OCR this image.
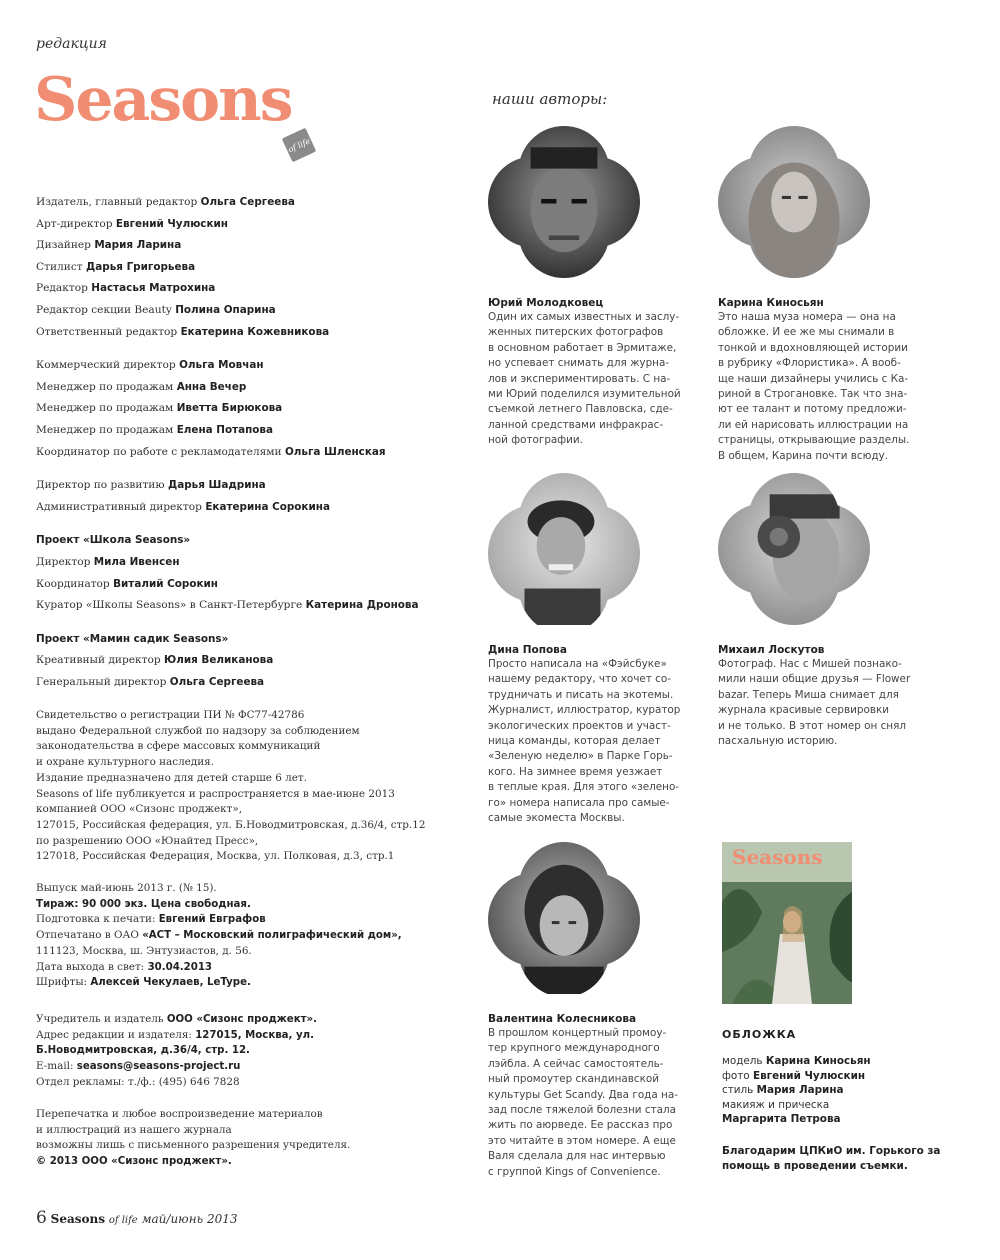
редакция
Seasons
of life
Издатель, главный редактор Ольга Сергеева
Арт-директор Евгений Чулюскин
Дизайнер Мария Ларина
Стилист Дарья Григорьева
Редактор Настасья Матрохина
Редактор секции Beauty Полина Опарина
Ответственный редактор Екатерина Кожевникова
Коммерческий директор Ольга Мовчан
Менеджер по продажам Анна Вечер
Менеджер по продажам Иветта Бирюкова
Менеджер по продажам Елена Потапова
Координатор по работе с рекламодателями Ольга Шленская
Директор по развитию Дарья Шадрина
Административный директор Екатерина Сорокина
Проект «Школа Seasons»
Директор Мила Ивенсен
Координатор Виталий Сорокин
Куратор «Школы Seasons» в Санкт-Петербурге Катерина Дронова
Проект «Мамин садик Seasons»
Креативный директор Юлия Великанова
Генеральный директор Ольга Сергеева
Свидетельство о регистрации ПИ № ФС77-42786
выдано Федеральной службой по надзору за соблюдением
законодательства в сфере массовых коммуникаций
и охране культурного наследия.
Издание предназначено для детей старше 6 лет.
Seasons of life публикуется и распространяется в мае-июне 2013
компанией ООО «Сизонс проджект»,
127015, Российская федерация, ул. Б.Новодмитровская, д.36/4, стр.12
по разрешению ООО «Юнайтед Пресс»,
127018, Российская Федерация, Москва, ул. Полковая, д.3, стр.1
Выпуск май-июнь 2013 г. (№ 15).
Тираж: 90 000 экз. Цена свободная.
Подготовка к печати: Евгений Евграфов
Отпечатано в ОАО «АСТ – Московский полиграфический дом»,
111123, Москва, ш. Энтузиастов, д. 56.
Дата выхода в свет: 30.04.2013
Шрифты: Алексей Чекулаев, LeType.
Учредитель и издатель ООО «Сизонс проджект».
Адрес редакции и издателя: 127015, Москва, ул.
Б.Новодмитровская, д.36/4, стр. 12.
E-mail: seasons@seasons-project.ru
Отдел рекламы: т./ф.: (495) 646 7828
Перепечатка и любое воспроизведение материалов
и иллюстраций из нашего журнала
возможны лишь с письменного разрешения учредителя.
© 2013 ООО «Сизонс проджект».
6 Seasons of life май/июнь 2013
наши авторы:
Юрий Молодковец
Один их самых известных и заслу-
женных питерских фотографов
в основном работает в Эрмитаже,
но успевает снимать для журна-
лов и экспериментировать. С на-
ми Юрий поделился изумительной
съемкой летнего Павловска, сде-
ланной средствами инфракрас-
ной фотографии.
Карина Киносьян
Это наша муза номера — она на
обложке. И ее же мы снимали в
тонкой и вдохновляющей истории
в рубрику «Флористика». А вооб-
ще наши дизайнеры учились с Ка-
риной в Строгановке. Так что зна-
ют ее талант и потому предложи-
ли ей нарисовать иллюстрации на
страницы, открывающие разделы.
В общем, Карина почти всюду.
Дина Попова
Просто написала на «Фэйсбуке»
нашему редактору, что хочет со-
трудничать и писать на экотемы.
Журналист, иллюстратор, куратор
экологических проектов и участ-
ница команды, которая делает
«Зеленую неделю» в Парке Горь-
кого. На зимнее время уезжает
в теплые края. Для этого «зелено-
го» номера написала про самые-
самые экоместа Москвы.
Михаил Лоскутов
Фотограф. Нас с Мишей познако-
мили наши общие друзья — Flower
bazar. Теперь Миша снимает для
журнала красивые сервировки
и не только. В этот номер он снял
пасхальную историю.
Валентина Колесникова
В прошлом концертный промоу-
тер крупного международного
лэйбла. А сейчас самостоятель-
ный промоутер скандинавской
культуры Get Scandy. Два года на-
зад после тяжелой болезни стала
жить по аюрведе. Ее рассказ про
это читайте в этом номере. А еще
Валя сделала для нас интервью
с группой Kings of Convenience.
Seasons
ОБЛОЖКА
модель Карина Киносьян
фото Евгений Чулюскин
стиль Мария Ларина
макияж и прическа
Маргарита Петрова
Благодарим ЦПКиО им. Горького за помощь в проведении съемки.
